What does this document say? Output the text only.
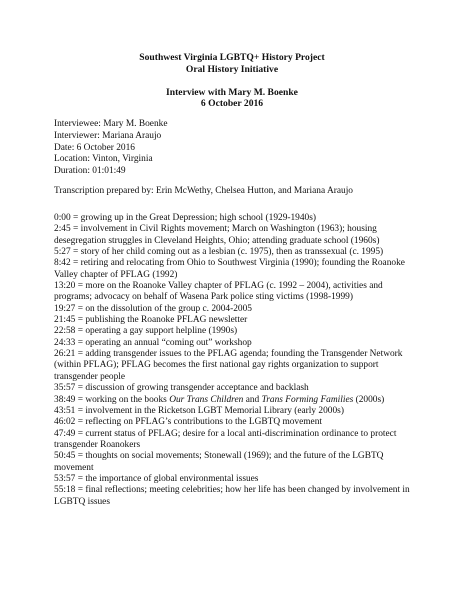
Southwest Virginia LGBTQ+ History Project
Oral History Initiative
Interview with Mary M. Boenke
6 October 2016
Interviewee: Mary M. Boenke
Interviewer: Mariana Araujo
Date: 6 October 2016
Location: Vinton, Virginia
Duration: 01:01:49
Transcription prepared by: Erin McWethy, Chelsea Hutton, and Mariana Araujo
0:00 = growing up in the Great Depression; high school (1929-1940s)
2:45 = involvement in Civil Rights movement; March on Washington (1963); housing desegregation struggles in Cleveland Heights, Ohio; attending graduate school (1960s)
5:27 = story of her child coming out as a lesbian (c. 1975), then as transsexual (c. 1995)
8:42 = retiring and relocating from Ohio to Southwest Virginia (1990); founding the Roanoke Valley chapter of PFLAG (1992)
13:20 = more on the Roanoke Valley chapter of PFLAG (c. 1992 – 2004), activities and programs; advocacy on behalf of Wasena Park police sting victims (1998-1999)
19:27 = on the dissolution of the group c. 2004-2005
21:45 = publishing the Roanoke PFLAG newsletter
22:58 = operating a gay support helpline (1990s)
24:33 = operating an annual “coming out” workshop
26:21 = adding transgender issues to the PFLAG agenda; founding the Transgender Network (within PFLAG); PFLAG becomes the first national gay rights organization to support transgender people
35:57 = discussion of growing transgender acceptance and backlash
38:49 = working on the books Our Trans Children and Trans Forming Families (2000s)
43:51 = involvement in the Ricketson LGBT Memorial Library (early 2000s)
46:02 = reflecting on PFLAG’s contributions to the LGBTQ movement
47:49 = current status of PFLAG; desire for a local anti-discrimination ordinance to protect transgender Roanokers
50:45 = thoughts on social movements; Stonewall (1969); and the future of the LGBTQ movement
53:57 = the importance of global environmental issues
55:18 = final reflections; meeting celebrities; how her life has been changed by involvement in LGBTQ issues
